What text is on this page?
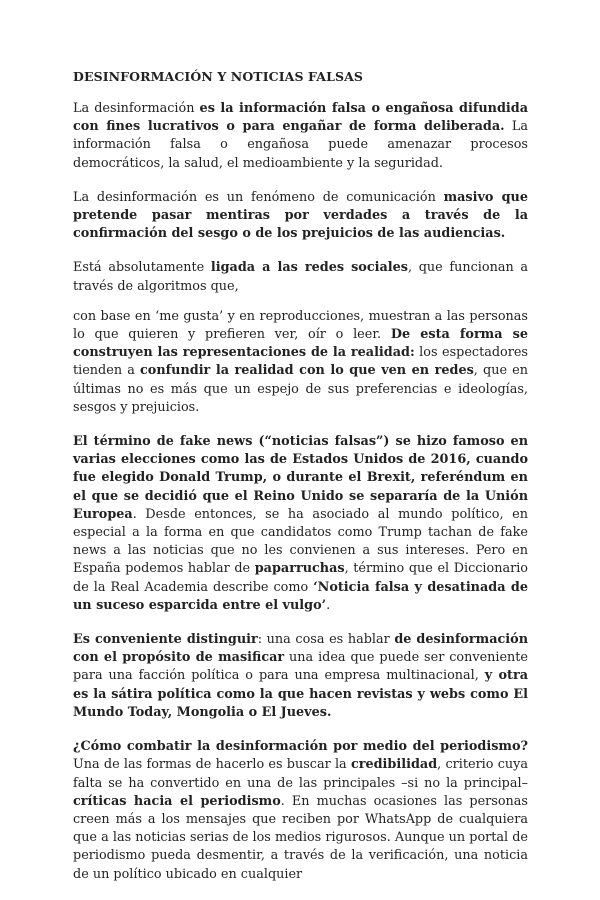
DESINFORMACIÓN Y NOTICIAS FALSAS

La desinformación es la información falsa o engañosa difundida con fines lucrativos o para engañar de forma deliberada. La información falsa o engañosa puede amenazar procesos democráticos, la salud, el medioambiente y la seguridad.

La desinformación es un fenómeno de comunicación masivo que pretende pasar mentiras por verdades a través de la confirmación del sesgo o de los prejuicios de las audiencias.

Está absolutamente ligada a las redes sociales, que funcionan a través de algoritmos que,

con base en ‘me gusta’ y en reproducciones, muestran a las personas lo que quieren y prefieren ver, oír o leer. De esta forma se construyen las representaciones de la realidad: los espectadores tienden a confundir la realidad con lo que ven en redes, que en últimas no es más que un espejo de sus preferencias e ideologías, sesgos y prejuicios.

El término de fake news (“noticias falsas”) se hizo famoso en varias elecciones como las de Estados Unidos de 2016, cuando fue elegido Donald Trump, o durante el Brexit, referéndum en el que se decidió que el Reino Unido se separaría de la Unión Europea. Desde entonces, se ha asociado al mundo político, en especial a la forma en que candidatos como Trump tachan de fake news a las noticias que no les convienen a sus intereses. Pero en España podemos hablar de paparruchas, término que el Diccionario de la Real Academia describe como ‘Noticia falsa y desatinada de un suceso esparcida entre el vulgo’.

Es conveniente distinguir: una cosa es hablar de desinformación con el propósito de masificar una idea que puede ser conveniente para una facción política o para una empresa multinacional, y otra es la sátira política como la que hacen revistas y webs como El Mundo Today, Mongolia o El Jueves.

¿Cómo combatir la desinformación por medio del periodismo? Una de las formas de hacerlo es buscar la credibilidad, criterio cuya falta se ha convertido en una de las principales –si no la principal– críticas hacia el periodismo. En muchas ocasiones las personas creen más a los mensajes que reciben por WhatsApp de cualquiera que a las noticias serias de los medios rigurosos. Aunque un portal de periodismo pueda desmentir, a través de la verificación, una noticia de un político ubicado en cualquier
